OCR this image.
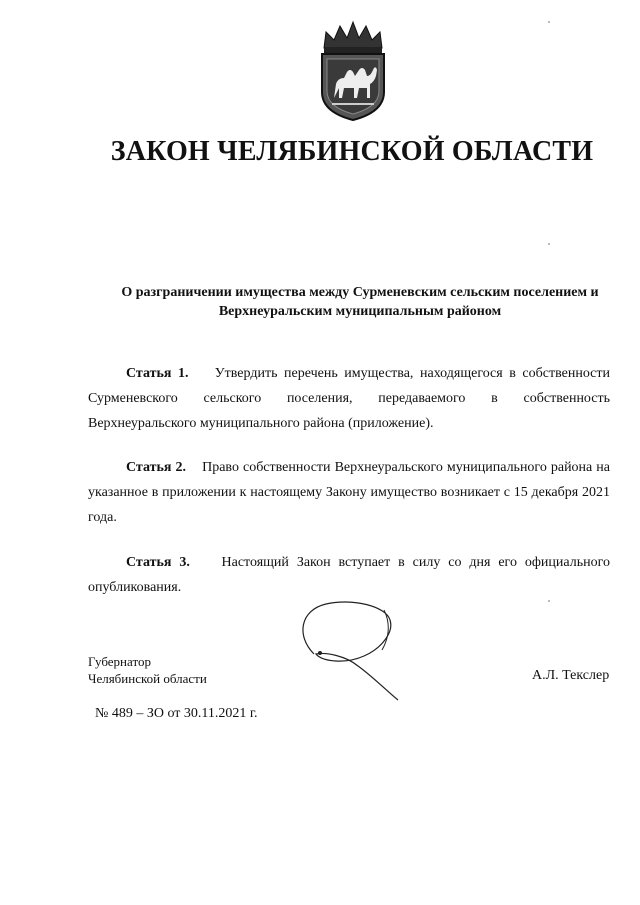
ЗАКОН ЧЕЛЯБИНСКОЙ ОБЛАСТИ
О разграничении имущества между Сурменевским сельским поселением и
Верхнеуральским муниципальным районом

Статья 1. Утвердить перечень имущества, находящегося в собственности Сурменевского сельского поселения, передаваемого в собственность Верхнеуральского муниципального района (приложение).

Статья 2. Право собственности Верхнеуральского муниципального района на указанное в приложении к настоящему Закону имущество возникает с 15 декабря 2021 года.

Статья 3. Настоящий Закон вступает в силу со дня его официального опубликования.

Губернатор
Челябинской области	А.Л. Текслер
№ 489 – ЗО от 30.11.2021 г.
